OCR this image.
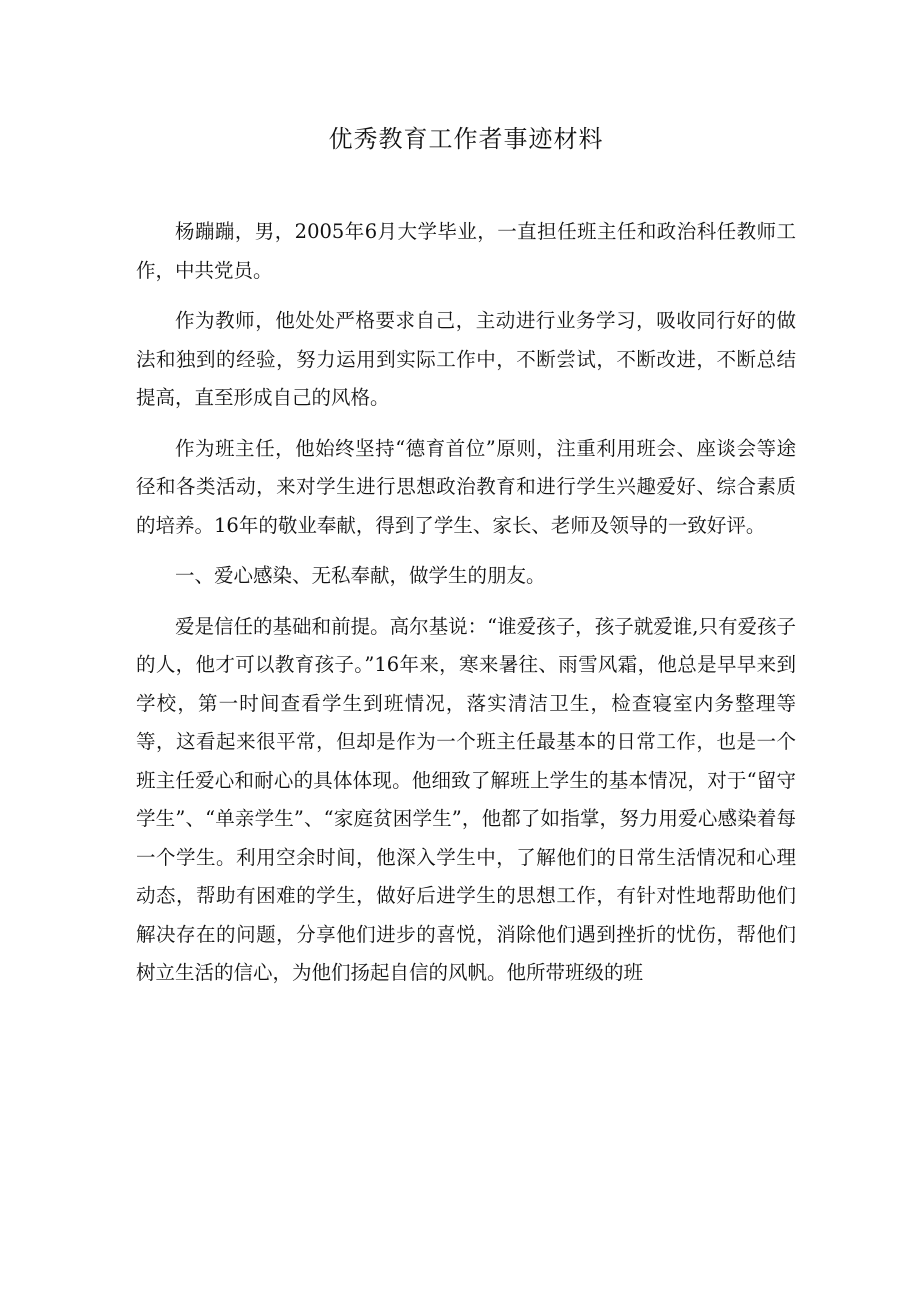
优秀教育工作者事迹材料

杨蹦蹦，男，2005年6月大学毕业，一直担任班主任和政治科任教师工作，中共党员。

作为教师，他处处严格要求自己，主动进行业务学习，吸收同行好的做法和独到的经验，努力运用到实际工作中，不断尝试，不断改进，不断总结提高，直至形成自己的风格。

作为班主任，他始终坚持“德育首位”原则，注重利用班会、座谈会等途径和各类活动，来对学生进行思想政治教育和进行学生兴趣爱好、综合素质的培养。16年的敬业奉献，得到了学生、家长、老师及领导的一致好评。

一、爱心感染、无私奉献，做学生的朋友。

爱是信任的基础和前提。高尔基说：“谁爱孩子，孩子就爱谁,只有爱孩子的人，他才可以教育孩子。”16年来，寒来暑往、雨雪风霜，他总是早早来到学校，第一时间查看学生到班情况，落实清洁卫生，检查寝室内务整理等等，这看起来很平常，但却是作为一个班主任最基本的日常工作，也是一个班主任爱心和耐心的具体体现。他细致了解班上学生的基本情况，对于“留守学生”、“单亲学生”、“家庭贫困学生”，他都了如指掌，努力用爱心感染着每一个学生。利用空余时间，他深入学生中，了解他们的日常生活情况和心理动态，帮助有困难的学生，做好后进学生的思想工作，有针对性地帮助他们解决存在的问题，分享他们进步的喜悦，消除他们遇到挫折的忧伤，帮他们树立生活的信心，为他们扬起自信的风帆。他所带班级的班
